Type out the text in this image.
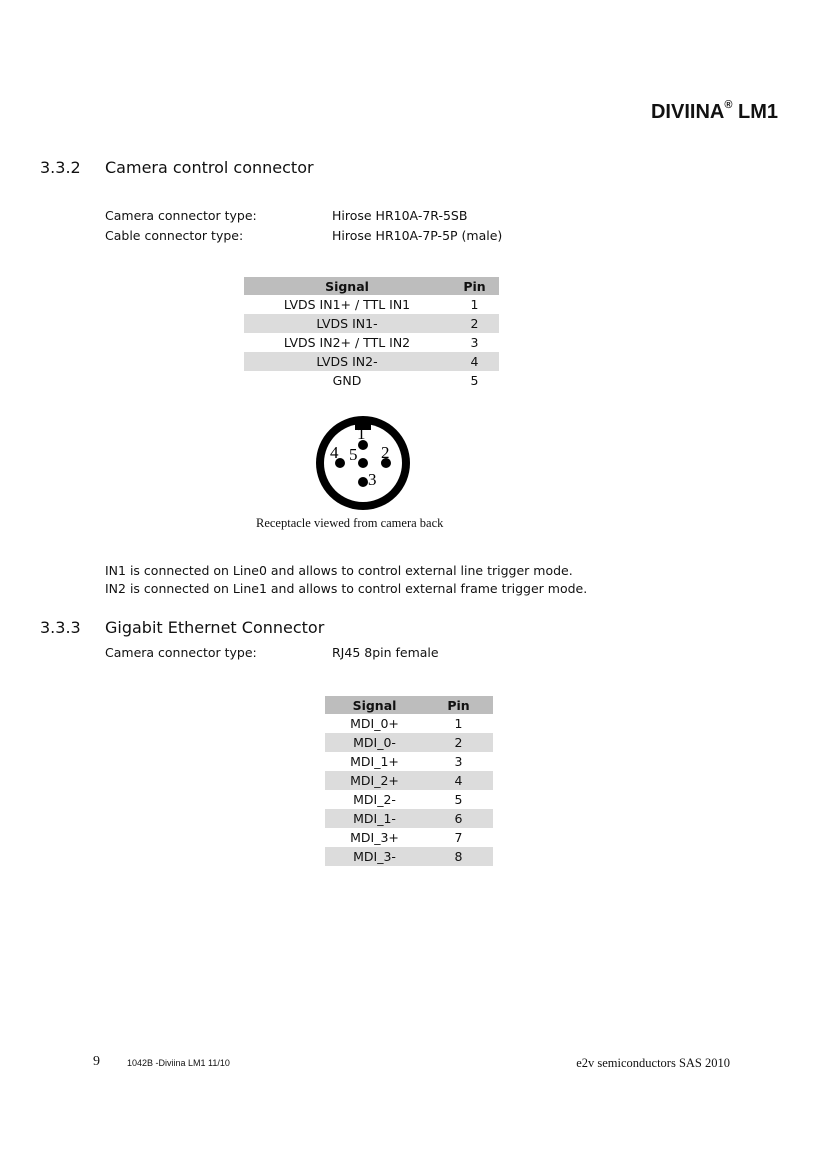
DIVIINA® LM1
3.3.2 Camera control connector
Camera connector type:	Hirose HR10A-7R-5SB
Cable connector type:	Hirose HR10A-7P-5P (male)
Signal	Pin
LVDS IN1+ / TTL IN1	1
LVDS IN1-	2
LVDS IN2+ / TTL IN2	3
LVDS IN2-	4
GND	5
1
2
3
4 5
Receptacle viewed from camera back
IN1 is connected on Line0 and allows to control external line trigger mode.
IN2 is connected on Line1 and allows to control external frame trigger mode.
3.3.3 Gigabit Ethernet Connector
Camera connector type:	RJ45 8pin female
Signal	Pin
MDI_0+	1
MDI_0-	2
MDI_1+	3
MDI_2+	4
MDI_2-	5
MDI_1-	6
MDI_3+	7
MDI_3-	8
9	1042B -Diviina LM1 11/10	e2v semiconductors SAS 2010
